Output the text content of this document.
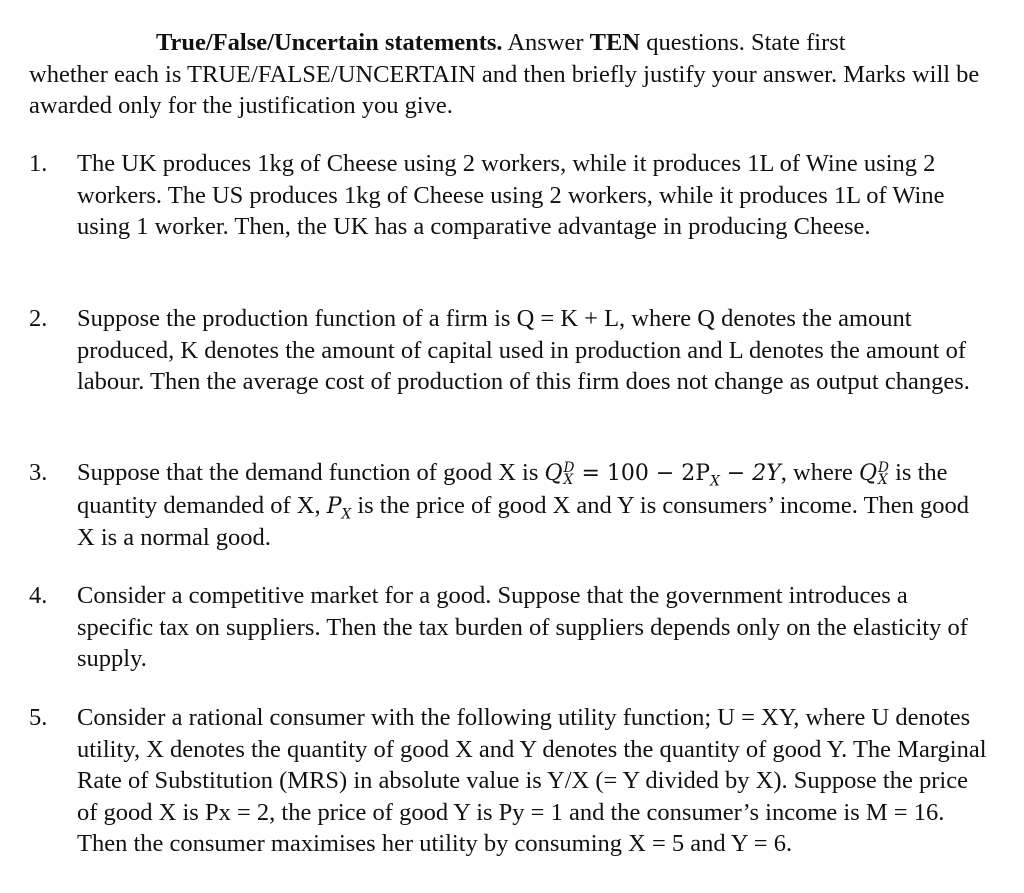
True/False/Uncertain statements. Answer TEN questions. State first
whether each is TRUE/FALSE/UNCERTAIN and then briefly justify your answer. Marks will be awarded only for the justification you give.
1.	The UK produces 1kg of Cheese using 2 workers, while it produces 1L of Wine using 2 workers. The US produces 1kg of Cheese using 2 workers, while it produces 1L of Wine using 1 worker. Then, the UK has a comparative advantage in producing Cheese.
2.	Suppose the production function of a firm is Q = K + L, where Q denotes the amount produced, K denotes the amount of capital used in production and L denotes the amount of labour. Then the average cost of production of this firm does not change as output changes.
3.	Suppose that the demand function of good X is Q D
$X = 100 - 2P_X - 2Y$, where Q D
X is the quantity demanded of X, $P_X$ is the price of good X and Y is consumers’ income. Then good X is a normal good.
4.	Consider a competitive market for a good. Suppose that the government introduces a specific tax on suppliers. Then the tax burden of suppliers depends only on the elasticity of supply.
5.	Consider a rational consumer with the following utility function; U = XY, where U denotes utility, X denotes the quantity of good X and Y denotes the quantity of good Y. The Marginal Rate of Substitution (MRS) in absolute value is Y/X (= Y divided by X). Suppose the price of good X is Px = 2, the price of good Y is Py = 1 and the consumer’s income is M = 16. Then the consumer maximises her utility by consuming X = 5 and Y = 6.
